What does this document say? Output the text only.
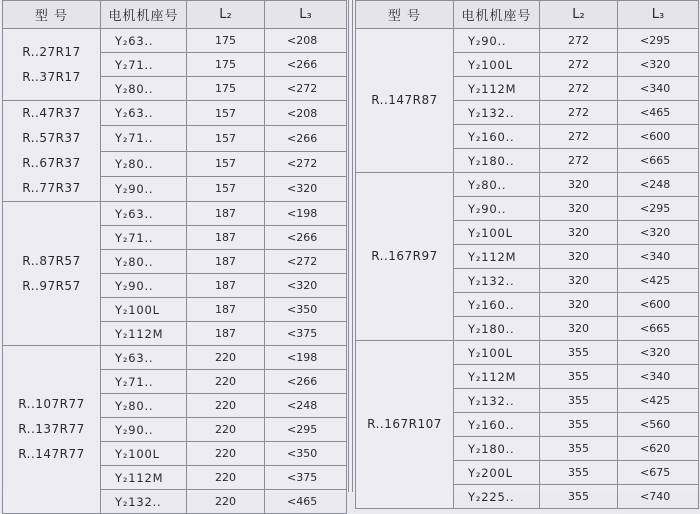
型 号	电机机座号	L₂	L₃

R..27R17
R..37R17	Y₂63..	175	<208
	Y₂71..	175	<266
	Y₂80..	175	<272

R..47R37
R..57R37
R..67R37
R..77R37	Y₂63..	157	<208
	Y₂71..	157	<266
	Y₂80..	157	<272
	Y₂90..	157	<320

R..87R57
R..97R57	Y₂63..	187	<198
	Y₂71..	187	<266
	Y₂80..	187	<272
	Y₂90..	187	<320
	Y₂100L	187	<350
	Y₂112M	187	<375

R..107R77
R..137R77
R..147R77	Y₂63..	220	<198
	Y₂71..	220	<266
	Y₂80..	220	<248
	Y₂90..	220	<295
	Y₂100L	220	<350
	Y₂112M	220	<375
	Y₂132..	220	<465
型 号	电机机座号	L₂	L₃

R..147R87	Y₂90..	272	<295
	Y₂100L	272	<320
	Y₂112M	272	<340
	Y₂132..	272	<465
	Y₂160..	272	<600
	Y₂180..	272	<665

R..167R97	Y₂80..	320	<248
	Y₂90..	320	<295
	Y₂100L	320	<320
	Y₂112M	320	<340
	Y₂132..	320	<425
	Y₂160..	320	<600
	Y₂180..	320	<665

R..167R107	Y₂100L	355	<320
	Y₂112M	355	<340
	Y₂132..	355	<425
	Y₂160..	355	<560
	Y₂180..	355	<620
	Y₂200L	355	<675
	Y₂225..	355	<740
